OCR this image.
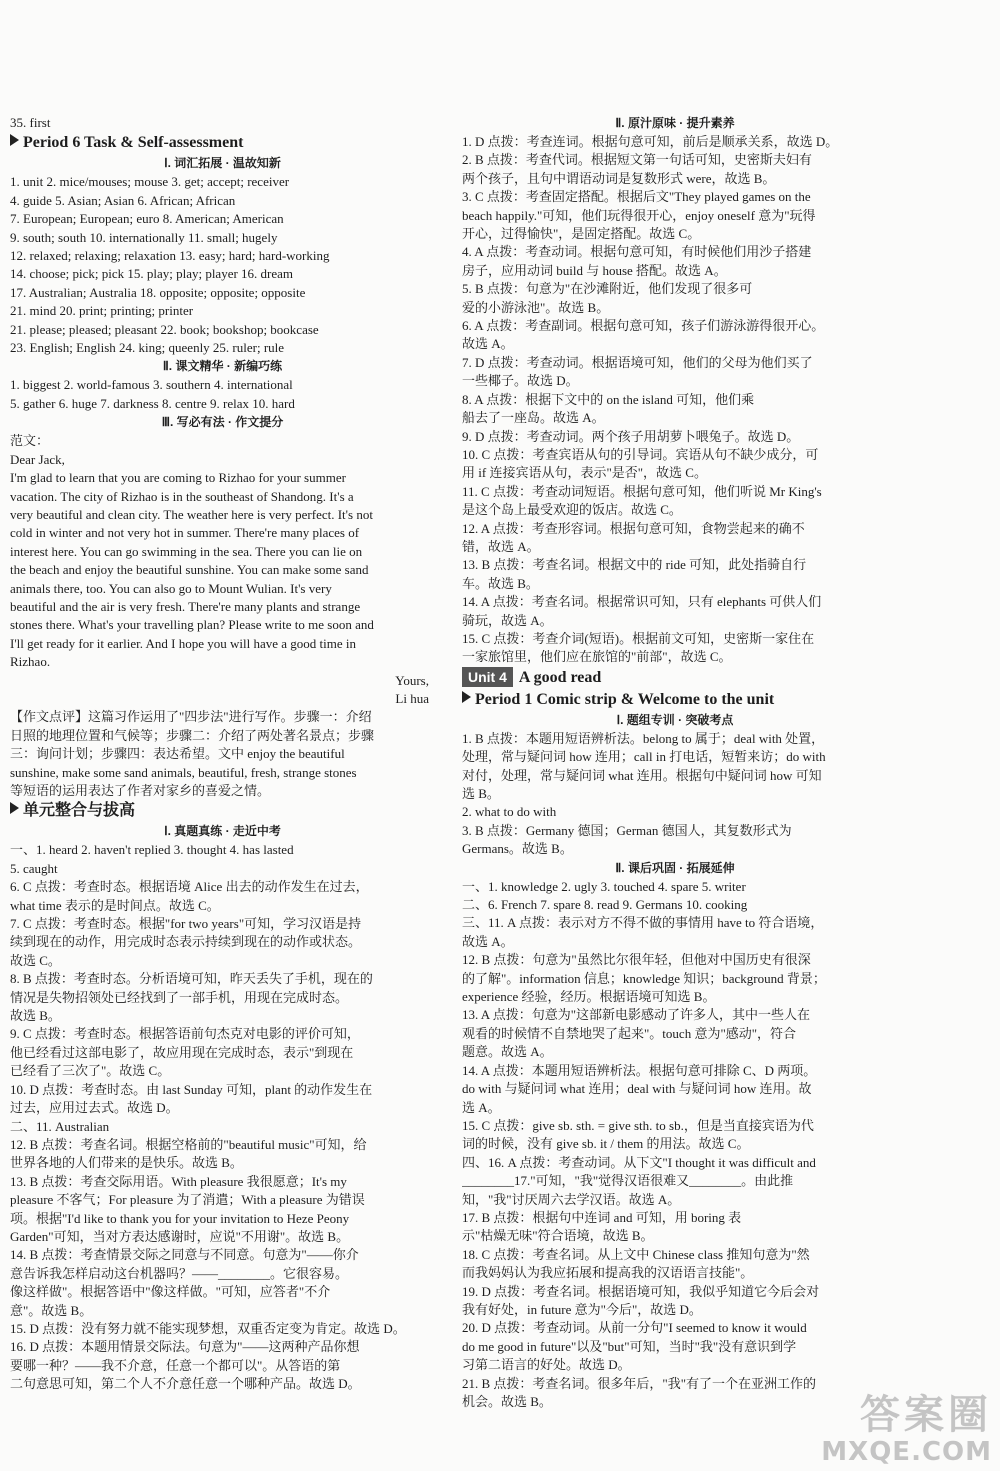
35. first
Period 6 Task & Self-assessment
Ⅰ. 词汇拓展 · 温故知新
1. unit 2. mice/mouses; mouse 3. get; accept; receiver
4. guide 5. Asian; Asian 6. African; African
7. European; European; euro 8. American; American
9. south; south 10. internationally 11. small; hugely
12. relaxed; relaxing; relaxation 13. easy; hard; hard-working
14. choose; pick; pick 15. play; play; player 16. dream
17. Australian; Australia 18. opposite; opposite; opposite
21. mind 20. print; printing; printer
21. please; pleased; pleasant 22. book; bookshop; bookcase
23. English; English 24. king; queenly 25. ruler; rule
Ⅱ. 课文精华 · 新编巧练
1. biggest 2. world-famous 3. southern 4. international
5. gather 6. huge 7. darkness 8. centre 9. relax 10. hard
Ⅲ. 写必有法 · 作文提分
范文：
Dear Jack,
I'm glad to learn that you are coming to Rizhao for your summer
vacation. The city of Rizhao is in the southeast of Shandong. It's a
very beautiful and clean city. The weather here is very perfect. It's not
cold in winter and not very hot in summer. There're many places of
interest here. You can go swimming in the sea. There you can lie on
the beach and enjoy the beautiful sunshine. You can make some sand
animals there, too. You can also go to Mount Wulian. It's very
beautiful and the air is very fresh. There're many plants and strange
stones there. What's your travelling plan? Please write to me soon and
I'll get ready for it earlier. And I hope you will have a good time in
Rizhao.
Yours,
Li hua
【作文点评】这篇习作运用了"四步法"进行写作。步骤一：介绍
日照的地理位置和气候等；步骤二：介绍了两处著名景点；步骤
三：询问计划；步骤四：表达希望。文中 enjoy the beautiful
sunshine, make some sand animals, beautiful, fresh, strange stones
等短语的运用表达了作者对家乡的喜爱之情。
单元整合与拔高
Ⅰ. 真题真练 · 走近中考
一、1. heard 2. haven't replied 3. thought 4. has lasted
5. caught
6. C 点拨：考查时态。根据语境 Alice 出去的动作发生在过去，
what time 表示的是时间点。故选 C。
7. C 点拨：考查时态。根据"for two years"可知，学习汉语是持
续到现在的动作，用完成时态表示持续到现在的动作或状态。
故选 C。
8. B 点拨：考查时态。分析语境可知，昨天丢失了手机，现在的
情况是失物招领处已经找到了一部手机，用现在完成时态。
故选 B。
9. C 点拨：考查时态。根据答语前句杰克对电影的评价可知，
他已经看过这部电影了，故应用现在完成时态，表示"到现在
已经看了三次了"。故选 C。
10. D 点拨：考查时态。由 last Sunday 可知，plant 的动作发生在
过去，应用过去式。故选 D。
二、11. Australian
12. B 点拨：考查名词。根据空格前的"beautiful music"可知，给
世界各地的人们带来的是快乐。故选 B。
13. B 点拨：考查交际用语。With pleasure 我很愿意；It's my
pleasure 不客气；For pleasure 为了消遣；With a pleasure 为错误
项。根据"I'd like to thank you for your invitation to Heze Peony
Garden"可知，当对方表达感谢时，应说"不用谢"。故选 B。
14. B 点拨：考查情景交际之同意与不同意。句意为"——你介
意告诉我怎样启动这台机器吗？——________。它很容易。
像这样做"。根据答语中"像这样做。"可知，应答者"不介
意"。故选 B。
15. D 点拨：没有努力就不能实现梦想，双重否定变为肯定。故选 D。
16. D 点拨：本题用情景交际法。句意为"——这两种产品你想
要哪一种？——我不介意，任意一个都可以"。从答语的第
二句意思可知，第二个人不介意任意一个哪种产品。故选 D。
Ⅱ. 原汁原味 · 提升素养
1. D 点拨：考查连词。根据句意可知，前后是顺承关系，故选 D。
2. B 点拨：考查代词。根据短文第一句话可知，史密斯夫妇有
两个孩子，且句中谓语动词是复数形式 were，故选 B。
3. C 点拨：考查固定搭配。根据后文"They played games on the
beach happily."可知，他们玩得很开心，enjoy oneself 意为"玩得
开心，过得愉快"，是固定搭配。故选 C。
4. A 点拨：考查动词。根据句意可知，有时候他们用沙子搭建
房子，应用动词 build 与 house 搭配。故选 A。
5. B 点拨：句意为"在沙滩附近，他们发现了很多可
爱的小游泳池"。故选 B。
6. A 点拨：考查副词。根据句意可知，孩子们游泳游得很开心。
故选 A。
7. D 点拨：考查动词。根据语境可知，他们的父母为他们买了
一些椰子。故选 D。
8. A 点拨：根据下文中的 on the island 可知，他们乘
船去了一座岛。故选 A。
9. D 点拨：考查动词。两个孩子用胡萝卜喂兔子。故选 D。
10. C 点拨：考查宾语从句的引导词。宾语从句不缺少成分，可
用 if 连接宾语从句，表示"是否"，故选 C。
11. C 点拨：考查动词短语。根据句意可知，他们听说 Mr King's
是这个岛上最受欢迎的饭店。故选 C。
12. A 点拨：考查形容词。根据句意可知，食物尝起来的确不
错，故选 A。
13. B 点拨：考查名词。根据文中的 ride 可知，此处指骑自行
车。故选 B。
14. A 点拨：考查名词。根据常识可知，只有 elephants 可供人们
骑玩，故选 A。
15. C 点拨：考查介词(短语)。根据前文可知，史密斯一家住在
一家旅馆里，他们应在旅馆的"前部"，故选 C。
Unit 4 A good read
Period 1 Comic strip & Welcome to the unit
Ⅰ. 题组专训 · 突破考点
1. B 点拨：本题用短语辨析法。belong to 属于；deal with 处置，
处理，常与疑问词 how 连用；call in 打电话，短暂来访；do with
对付，处理，常与疑问词 what 连用。根据句中疑问词 how 可知
选 B。
2. what to do with
3. B 点拨：Germany 德国；German 德国人，其复数形式为
Germans。故选 B。
Ⅱ. 课后巩固 · 拓展延伸
一、1. knowledge 2. ugly 3. touched 4. spare 5. writer
二、6. French 7. spare 8. read 9. Germans 10. cooking
三、11. A 点拨：表示对方不得不做的事情用 have to 符合语境，
故选 A。
12. B 点拨：句意为"虽然比尔很年轻，但他对中国历史有很深
的了解"。information 信息；knowledge 知识；background 背景；
experience 经验，经历。根据语境可知选 B。
13. A 点拨：句意为"这部新电影感动了许多人，其中一些人在
观看的时候情不自禁地哭了起来"。touch 意为"感动"，符合
题意。故选 A。
14. A 点拨：本题用短语辨析法。根据句意可排除 C、D 两项。
do with 与疑问词 what 连用；deal with 与疑问词 how 连用。故
选 A。
15. C 点拨：give sb. sth. = give sth. to sb.，但是当直接宾语为代
词的时候，没有 give sb. it / them 的用法。故选 C。
四、16. A 点拨：考查动词。从下文"I thought it was difficult and
________17."可知，"我"觉得汉语很难又________。由此推
知，"我"讨厌周六去学汉语。故选 A。
17. B 点拨：根据句中连词 and 可知，用 boring 表
示"枯燥无味"符合语境，故选 B。
18. C 点拨：考查名词。从上文中 Chinese class 推知句意为"然
而我妈妈认为我应拓展和提高我的汉语语言技能"。
19. D 点拨：考查名词。根据语境可知，我似乎知道它今后会对
我有好处，in future 意为"今后"，故选 D。
20. D 点拨：考查动词。从前一分句"I seemed to know it would
do me good in future"以及"but"可知，当时"我"没有意识到学
习第二语言的好处。故选 D。
21. B 点拨：考查名词。很多年后，"我"有了一个在亚洲工作的
机会。故选 B。	答案圈
MXQE.COM
